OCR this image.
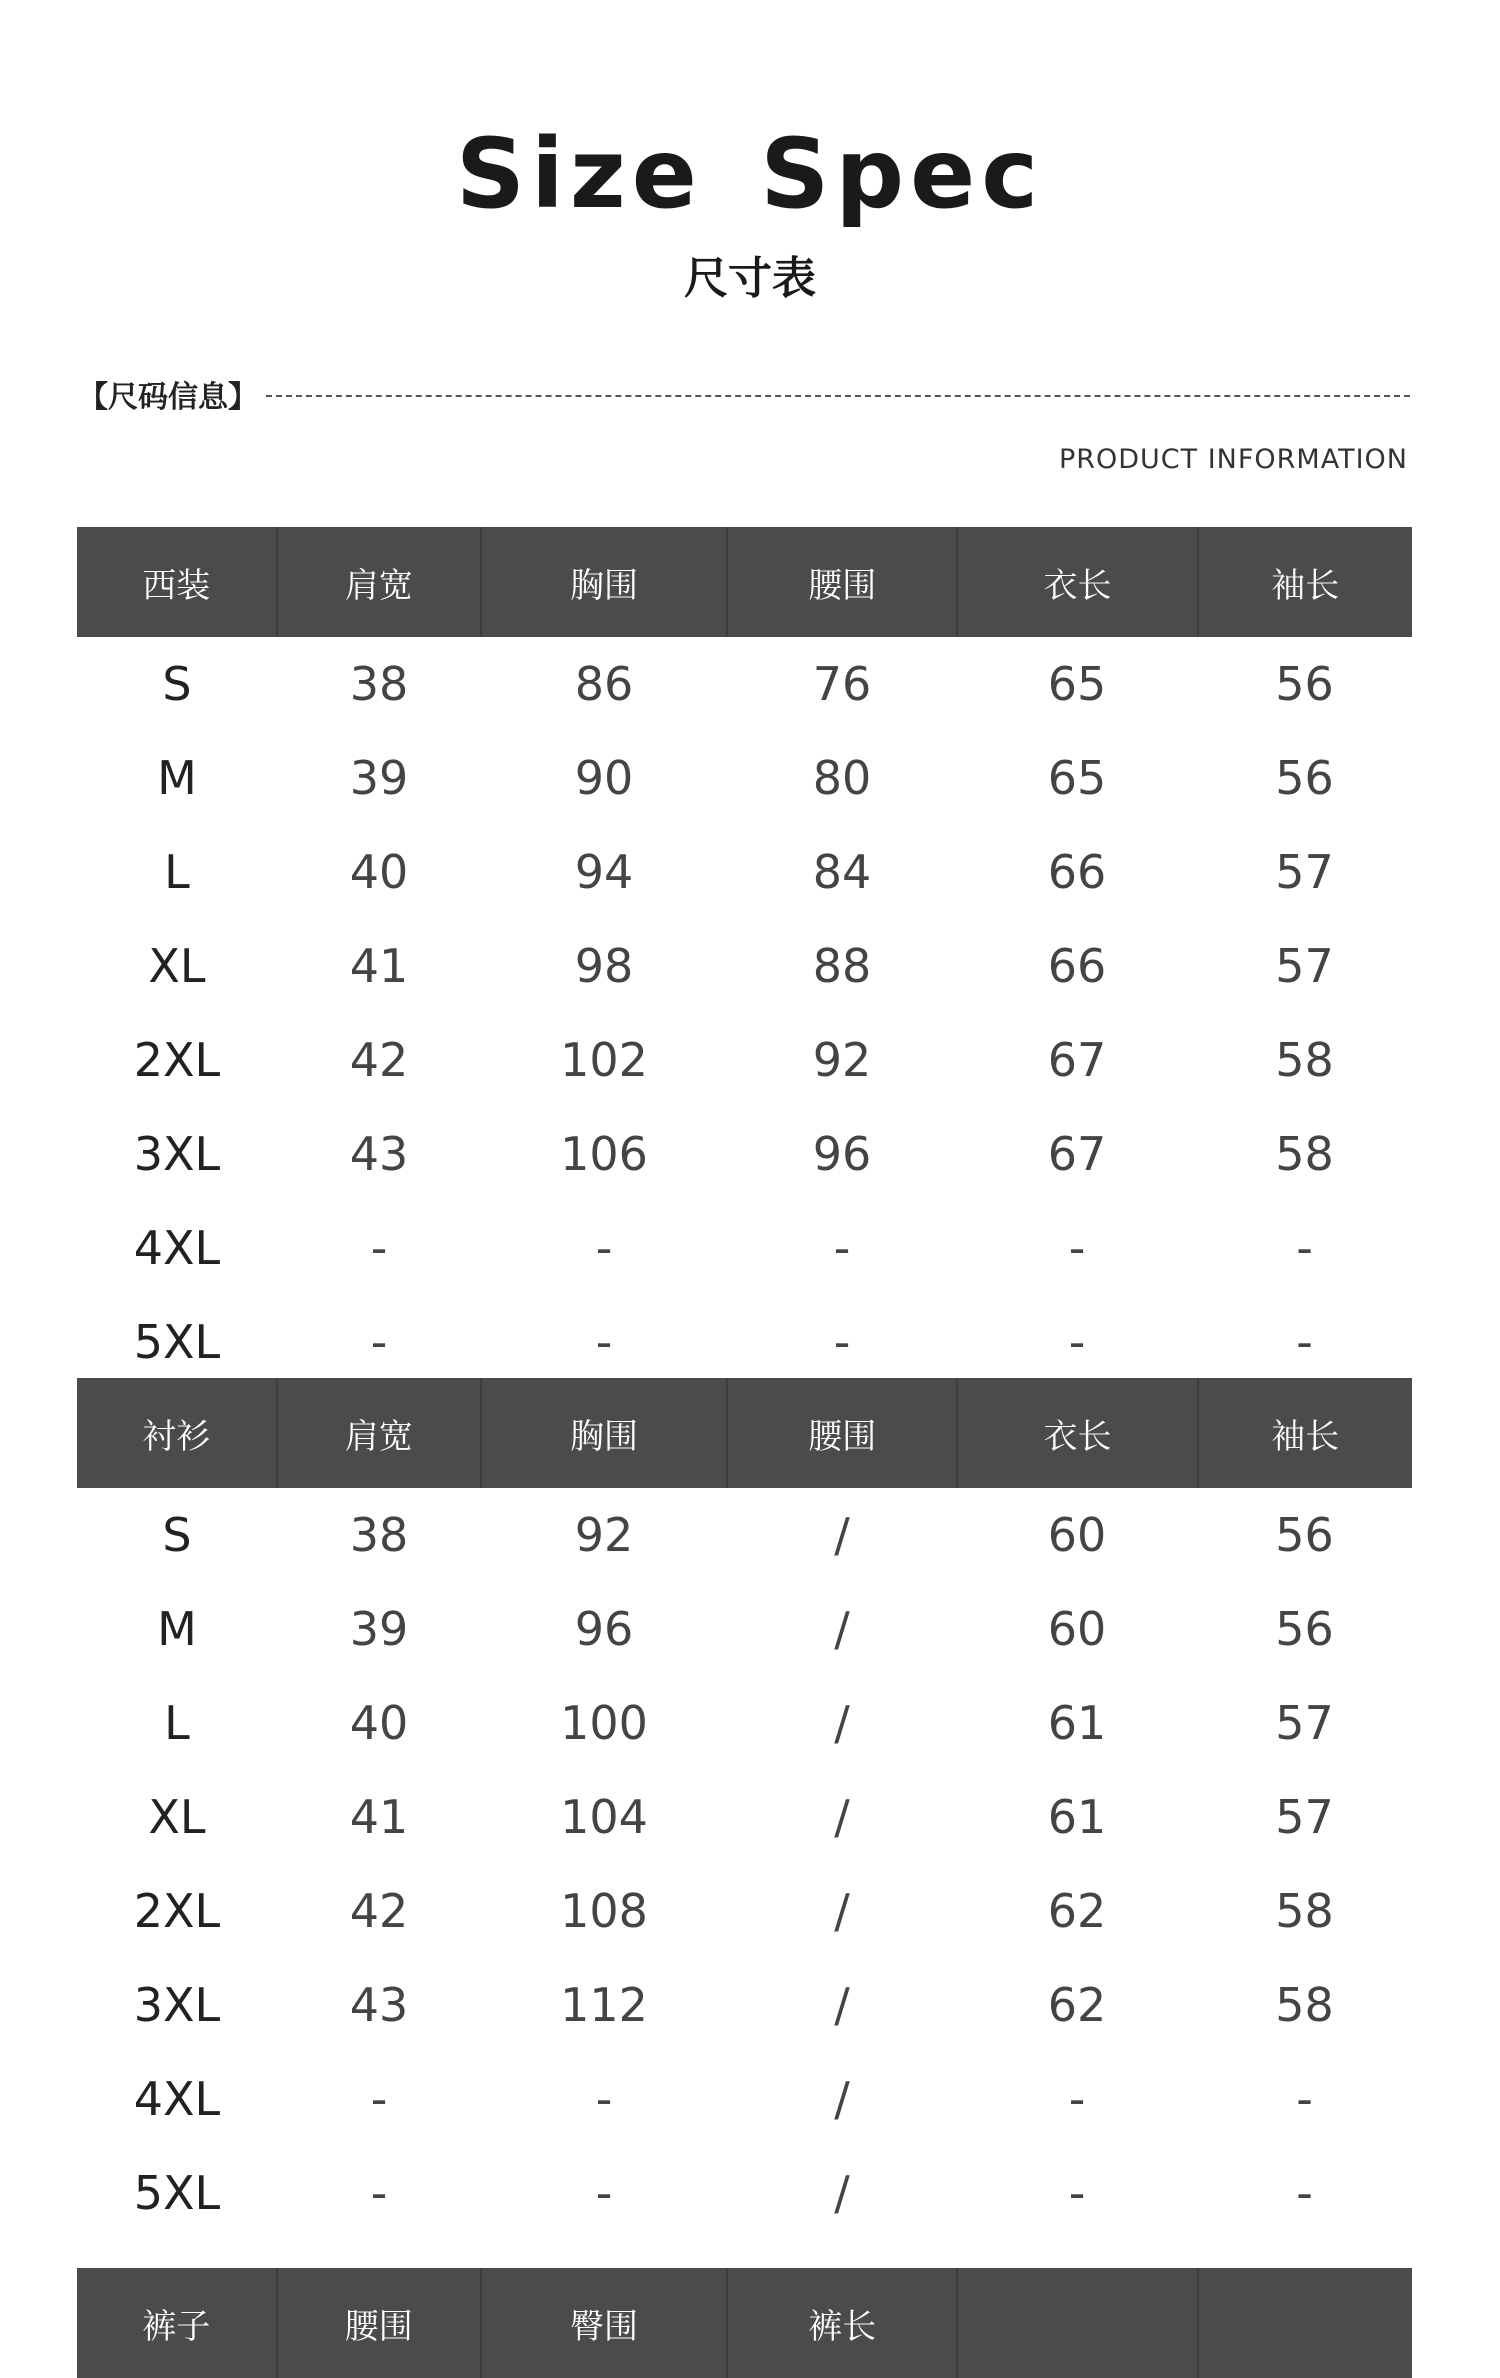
Size Spec
尺寸表
【尺码信息】
PRODUCT INFORMATION
西装	肩宽	胸围	腰围	衣长	袖长
S	38	86	76	65	56
M	39	90	80	65	56
L	40	94	84	66	57
XL	41	98	88	66	57
2XL	42	102	92	67	58
3XL	43	106	96	67	58
4XL	-	-	-	-	-
5XL	-	-	-	-	-
衬衫	肩宽	胸围	腰围	衣长	袖长
S	38	92	/	60	56
M	39	96	/	60	56
L	40	100	/	61	57
XL	41	104	/	61	57
2XL	42	108	/	62	58
3XL	43	112	/	62	58
4XL	-	-	/	-	-
5XL	-	-	/	-	-
裤子	腰围	臀围	裤长
